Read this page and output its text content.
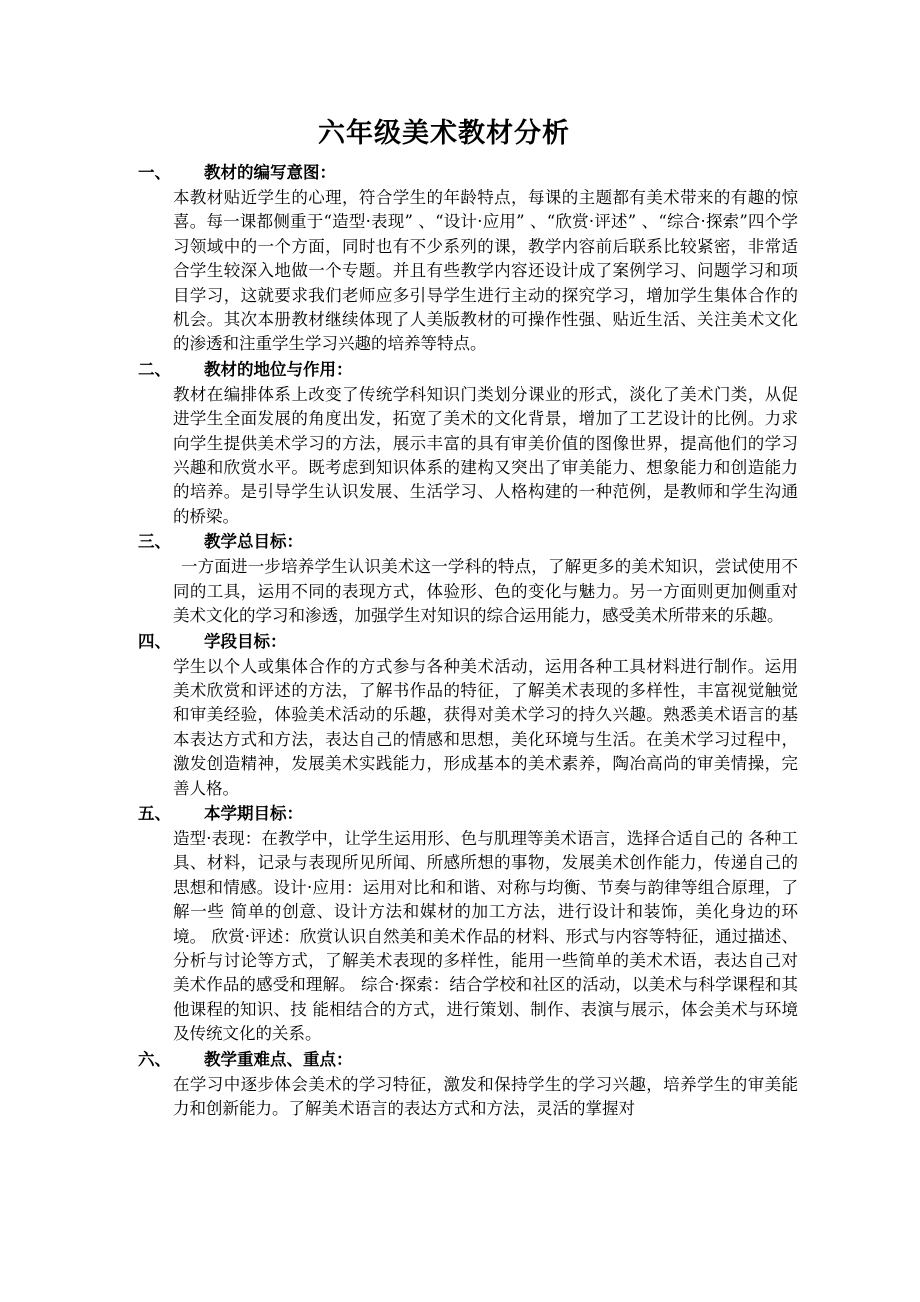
六年级美术教材分析
一、	教材的编写意图：
本教材贴近学生的心理，符合学生的年龄特点，每课的主题都有美术带来的有趣的惊喜。每一课都侧重于“造型·表现” 、“设计·应用” 、“欣赏·评述” 、“综合·探索”四个学习领域中的一个方面，同时也有不少系列的课，教学内容前后联系比较紧密，非常适合学生较深入地做一个专题。并且有些教学内容还设计成了案例学习、问题学习和项目学习，这就要求我们老师应多引导学生进行主动的探究学习，增加学生集体合作的机会。其次本册教材继续体现了人美版教材的可操作性强、贴近生活、关注美术文化的渗透和注重学生学习兴趣的培养等特点。
二、	教材的地位与作用：
教材在编排体系上改变了传统学科知识门类划分课业的形式，淡化了美术门类，从促进学生全面发展的角度出发，拓宽了美术的文化背景，增加了工艺设计的比例。力求向学生提供美术学习的方法，展示丰富的具有审美价值的图像世界，提高他们的学习兴趣和欣赏水平。既考虑到知识体系的建构又突出了审美能力、想象能力和创造能力的培养。是引导学生认识发展、生活学习、人格构建的一种范例，是教师和学生沟通的桥梁。
三、	教学总目标：
一方面进一步培养学生认识美术这一学科的特点，了解更多的美术知识，尝试使用不同的工具，运用不同的表现方式，体验形、色的变化与魅力。另一方面则更加侧重对美术文化的学习和渗透，加强学生对知识的综合运用能力，感受美术所带来的乐趣。
四、	学段目标：
学生以个人或集体合作的方式参与各种美术活动，运用各种工具材料进行制作。运用美术欣赏和评述的方法，了解书作品的特征，了解美术表现的多样性，丰富视觉触觉和审美经验，体验美术活动的乐趣，获得对美术学习的持久兴趣。熟悉美术语言的基本表达方式和方法，表达自己的情感和思想，美化环境与生活。在美术学习过程中，激发创造精神，发展美术实践能力，形成基本的美术素养，陶冶高尚的审美情操，完善人格。
五、	本学期目标：
造型·表现：在教学中，让学生运用形、色与肌理等美术语言，选择合适自己的 各种工具、材料，记录与表现所见所闻、所感所想的事物，发展美术创作能力，传递自己的思想和情感。设计·应用：运用对比和和谐、对称与均衡、节奏与韵律等组合原理，了解一些 简单的创意、设计方法和媒材的加工方法，进行设计和装饰，美化身边的环境。 欣赏·评述：欣赏认识自然美和美术作品的材料、形式与内容等特征，通过描述、 分析与讨论等方式，了解美术表现的多样性，能用一些简单的美术术语，表达自己对美术作品的感受和理解。 综合·探索：结合学校和社区的活动，以美术与科学课程和其他课程的知识、技 能相结合的方式，进行策划、制作、表演与展示，体会美术与环境及传统文化的关系。
六、	教学重难点、重点：
在学习中逐步体会美术的学习特征，激发和保持学生的学习兴趣，培养学生的审美能力和创新能力。了解美术语言的表达方式和方法，灵活的掌握对
